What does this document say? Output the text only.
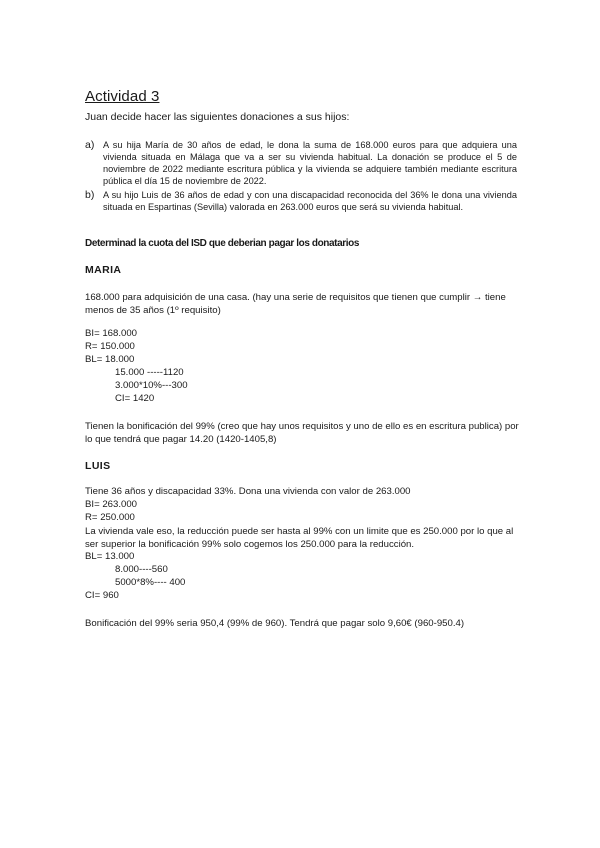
Actividad 3
Juan decide hacer las siguientes donaciones a sus hijos:
a) A su hija María de 30 años de edad, le dona la suma de 168.000 euros para que adquiera una vivienda situada en Málaga que va a ser su vivienda habitual. La donación se produce el 5 de noviembre de 2022 mediante escritura pública y la vivienda se adquiere también mediante escritura pública el día 15 de noviembre de 2022.
b) A su hijo Luis de 36 años de edad y con una discapacidad reconocida del 36% le dona una vivienda situada en Espartinas (Sevilla) valorada en 263.000 euros que será su vivienda habitual.
Determinad la cuota del ISD que deberian pagar los donatarios
MARIA
168.000 para adquisición de una casa. (hay una serie de requisitos que tienen que cumplir → tiene menos de 35 años (1º requisito)
BI= 168.000
R= 150.000
BL= 18.000
15.000 -----1120
3.000*10%---300
CI= 1420
Tienen la bonificación del 99% (creo que hay unos requisitos y uno de ello es en escritura publica) por lo que tendrá que pagar 14.20 (1420-1405,8)
LUIS
Tiene 36 años y discapacidad 33%. Dona una vivienda con valor de 263.000
BI= 263.000
R= 250.000
La vivienda vale eso, la reducción puede ser hasta al 99% con un limite que es 250.000 por lo que al ser superior la bonificación 99% solo cogemos los 250.000 para la reducción.
BL= 13.000
8.000----560
5000*8%---- 400
CI= 960
Bonificación del 99% seria 950,4 (99% de 960). Tendrá que pagar solo 9,60€ (960-950.4)
